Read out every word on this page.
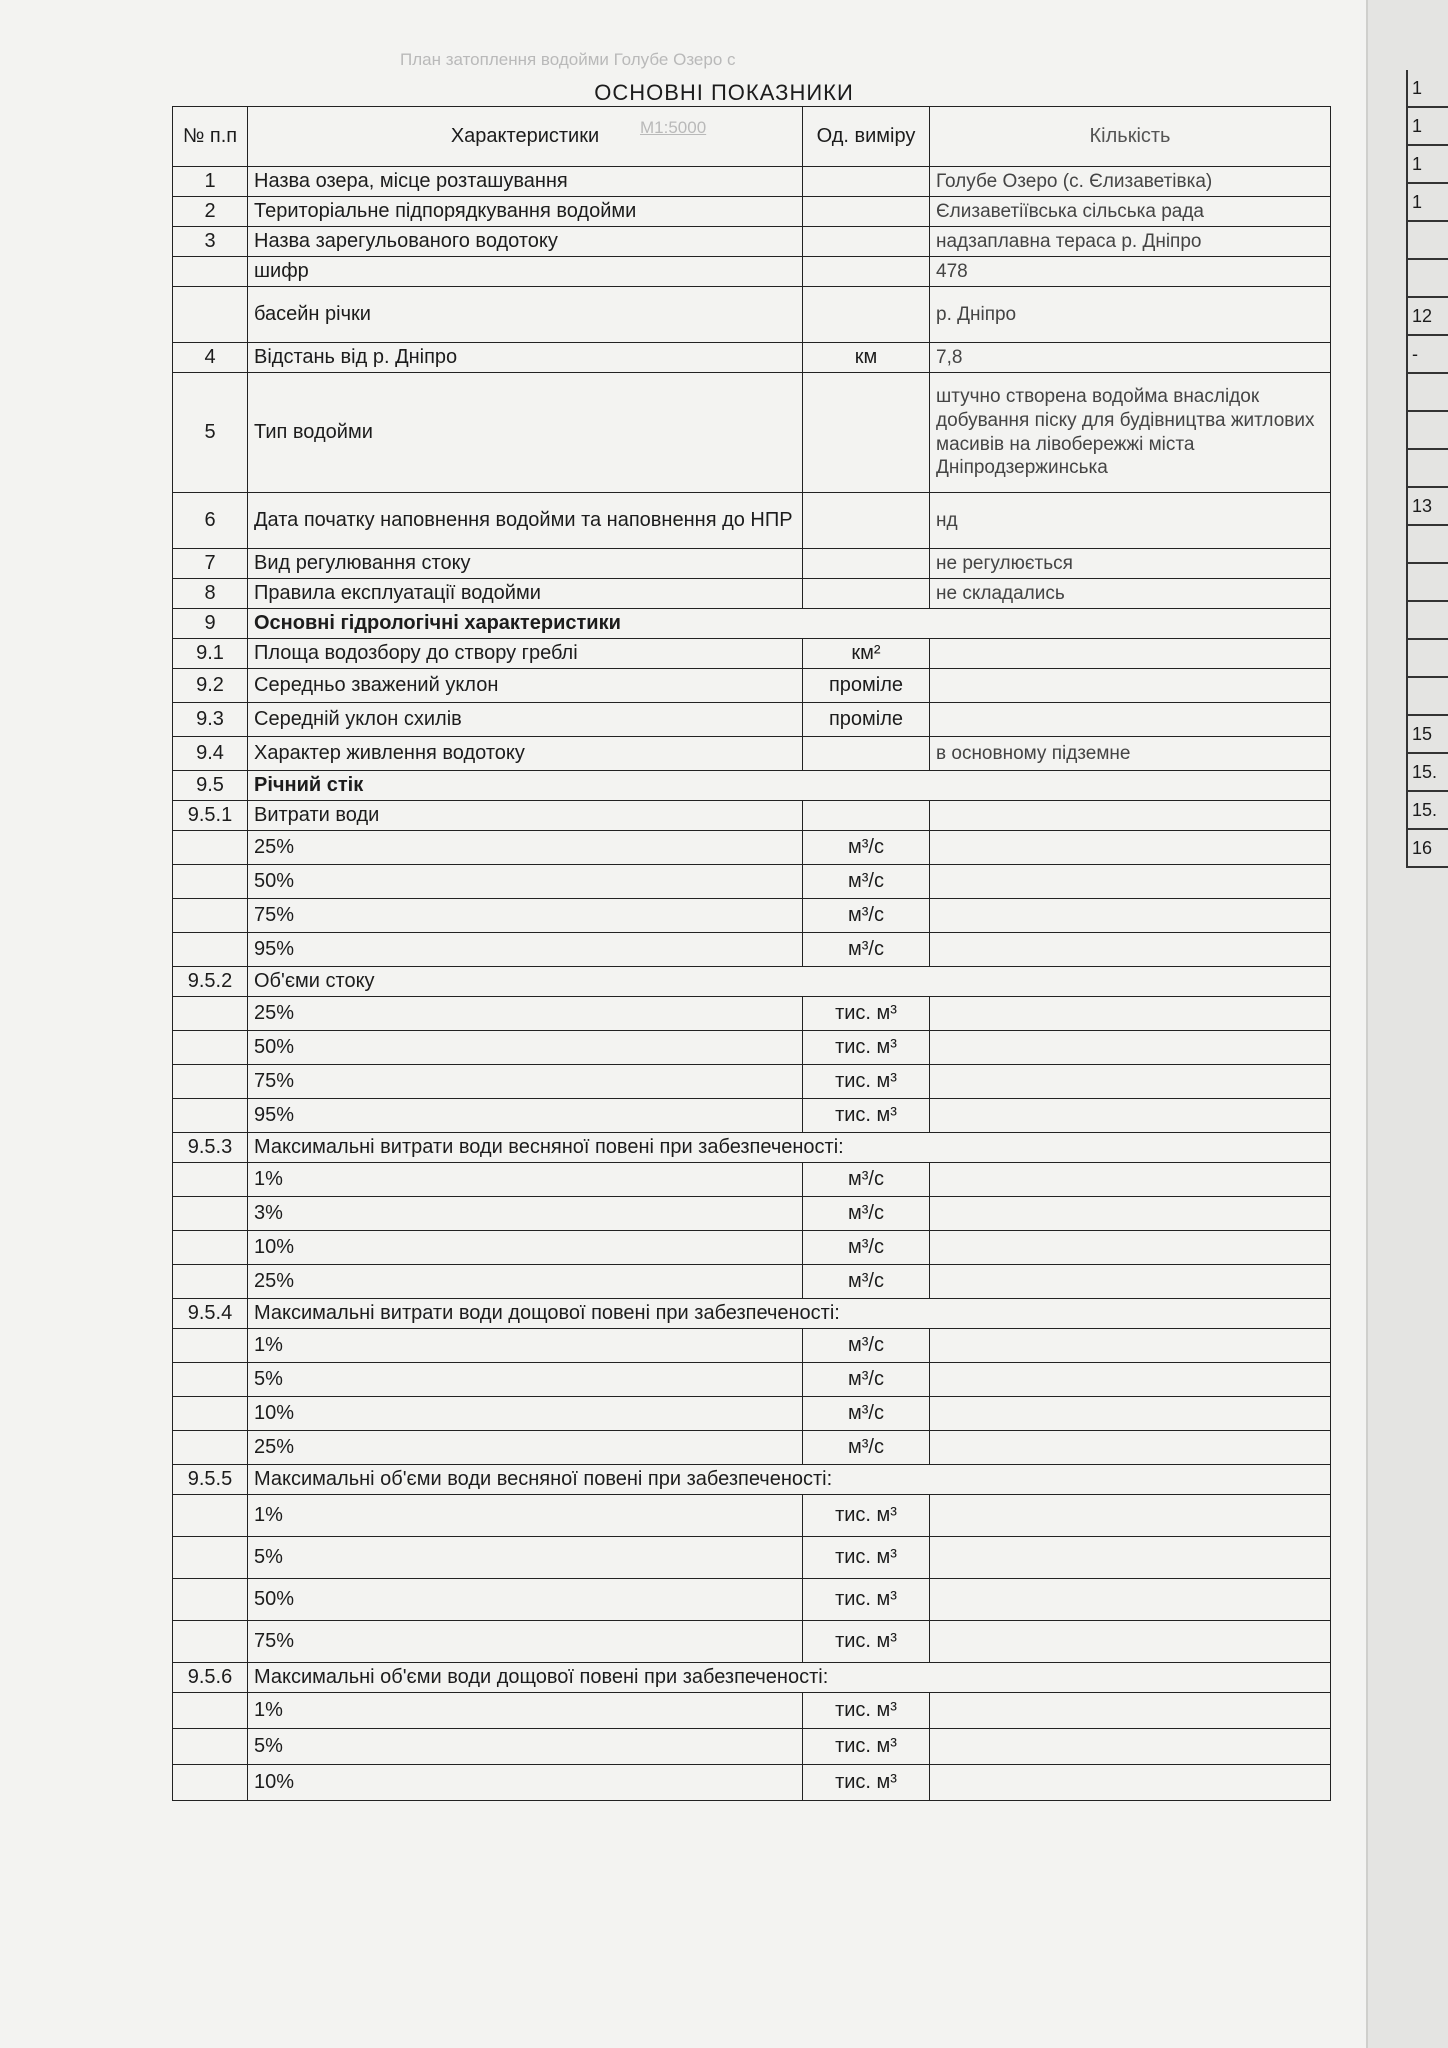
1
1
1
1
12
-
13
15
15.
15.
16
План затоплення водойми Голубе Озеро с
М1:5000
ОСНОВНІ ПОКАЗНИКИ
№ п.п	Характеристики	Од. виміру	Кількість
1	Назва озера, місце розташування		Голубе Озеро (с. Єлизаветівка)
2	Територіальне підпорядкування водойми		Єлизаветіївська сільська рада
3	Назва зарегульованого водотоку		надзаплавна тераса р. Дніпро
	шифр		478
	басейн річки		р. Дніпро
4	Відстань від р. Дніпро	км	7,8
5	Тип водойми		штучно створена водойма внаслідок добування піску для будівництва житлових масивів на лівобережжі міста Дніпродзержинська
6	Дата початку наповнення водойми та наповнення до НПР		нд
7	Вид регулювання стоку		не регулюється
8	Правила експлуатації водойми		не складались
9	Основні гідрологічні характеристики		
9.1	Площа водозбору до створу греблі	км²	
9.2	Середньо зважений уклон	проміле	
9.3	Середній уклон схилів	проміле	
9.4	Характер живлення водотоку		в основному підземне
9.5	Річний стік		
9.5.1	Витрати води		
	25%	м³/с	
	50%	м³/с	
	75%	м³/с	
	95%	м³/с	
9.5.2	Об'єми стоку		
	25%	тис. м³	
	50%	тис. м³	
	75%	тис. м³	
	95%	тис. м³	
9.5.3	Максимальні витрати води весняної повені при забезпеченості:		
	1%	м³/с	
	3%	м³/с	
	10%	м³/с	
	25%	м³/с	
9.5.4	Максимальні витрати води дощової повені при забезпеченості:		
	1%	м³/с	
	5%	м³/с	
	10%	м³/с	
	25%	м³/с	
9.5.5	Максимальні об'єми води весняної повені при забезпеченості:		
	1%	тис. м³	
	5%	тис. м³	
	50%	тис. м³	
	75%	тис. м³	
9.5.6	Максимальні об'єми води дощової повені при забезпеченості:		
	1%	тис. м³	
	5%	тис. м³	
	10%	тис. м³	
